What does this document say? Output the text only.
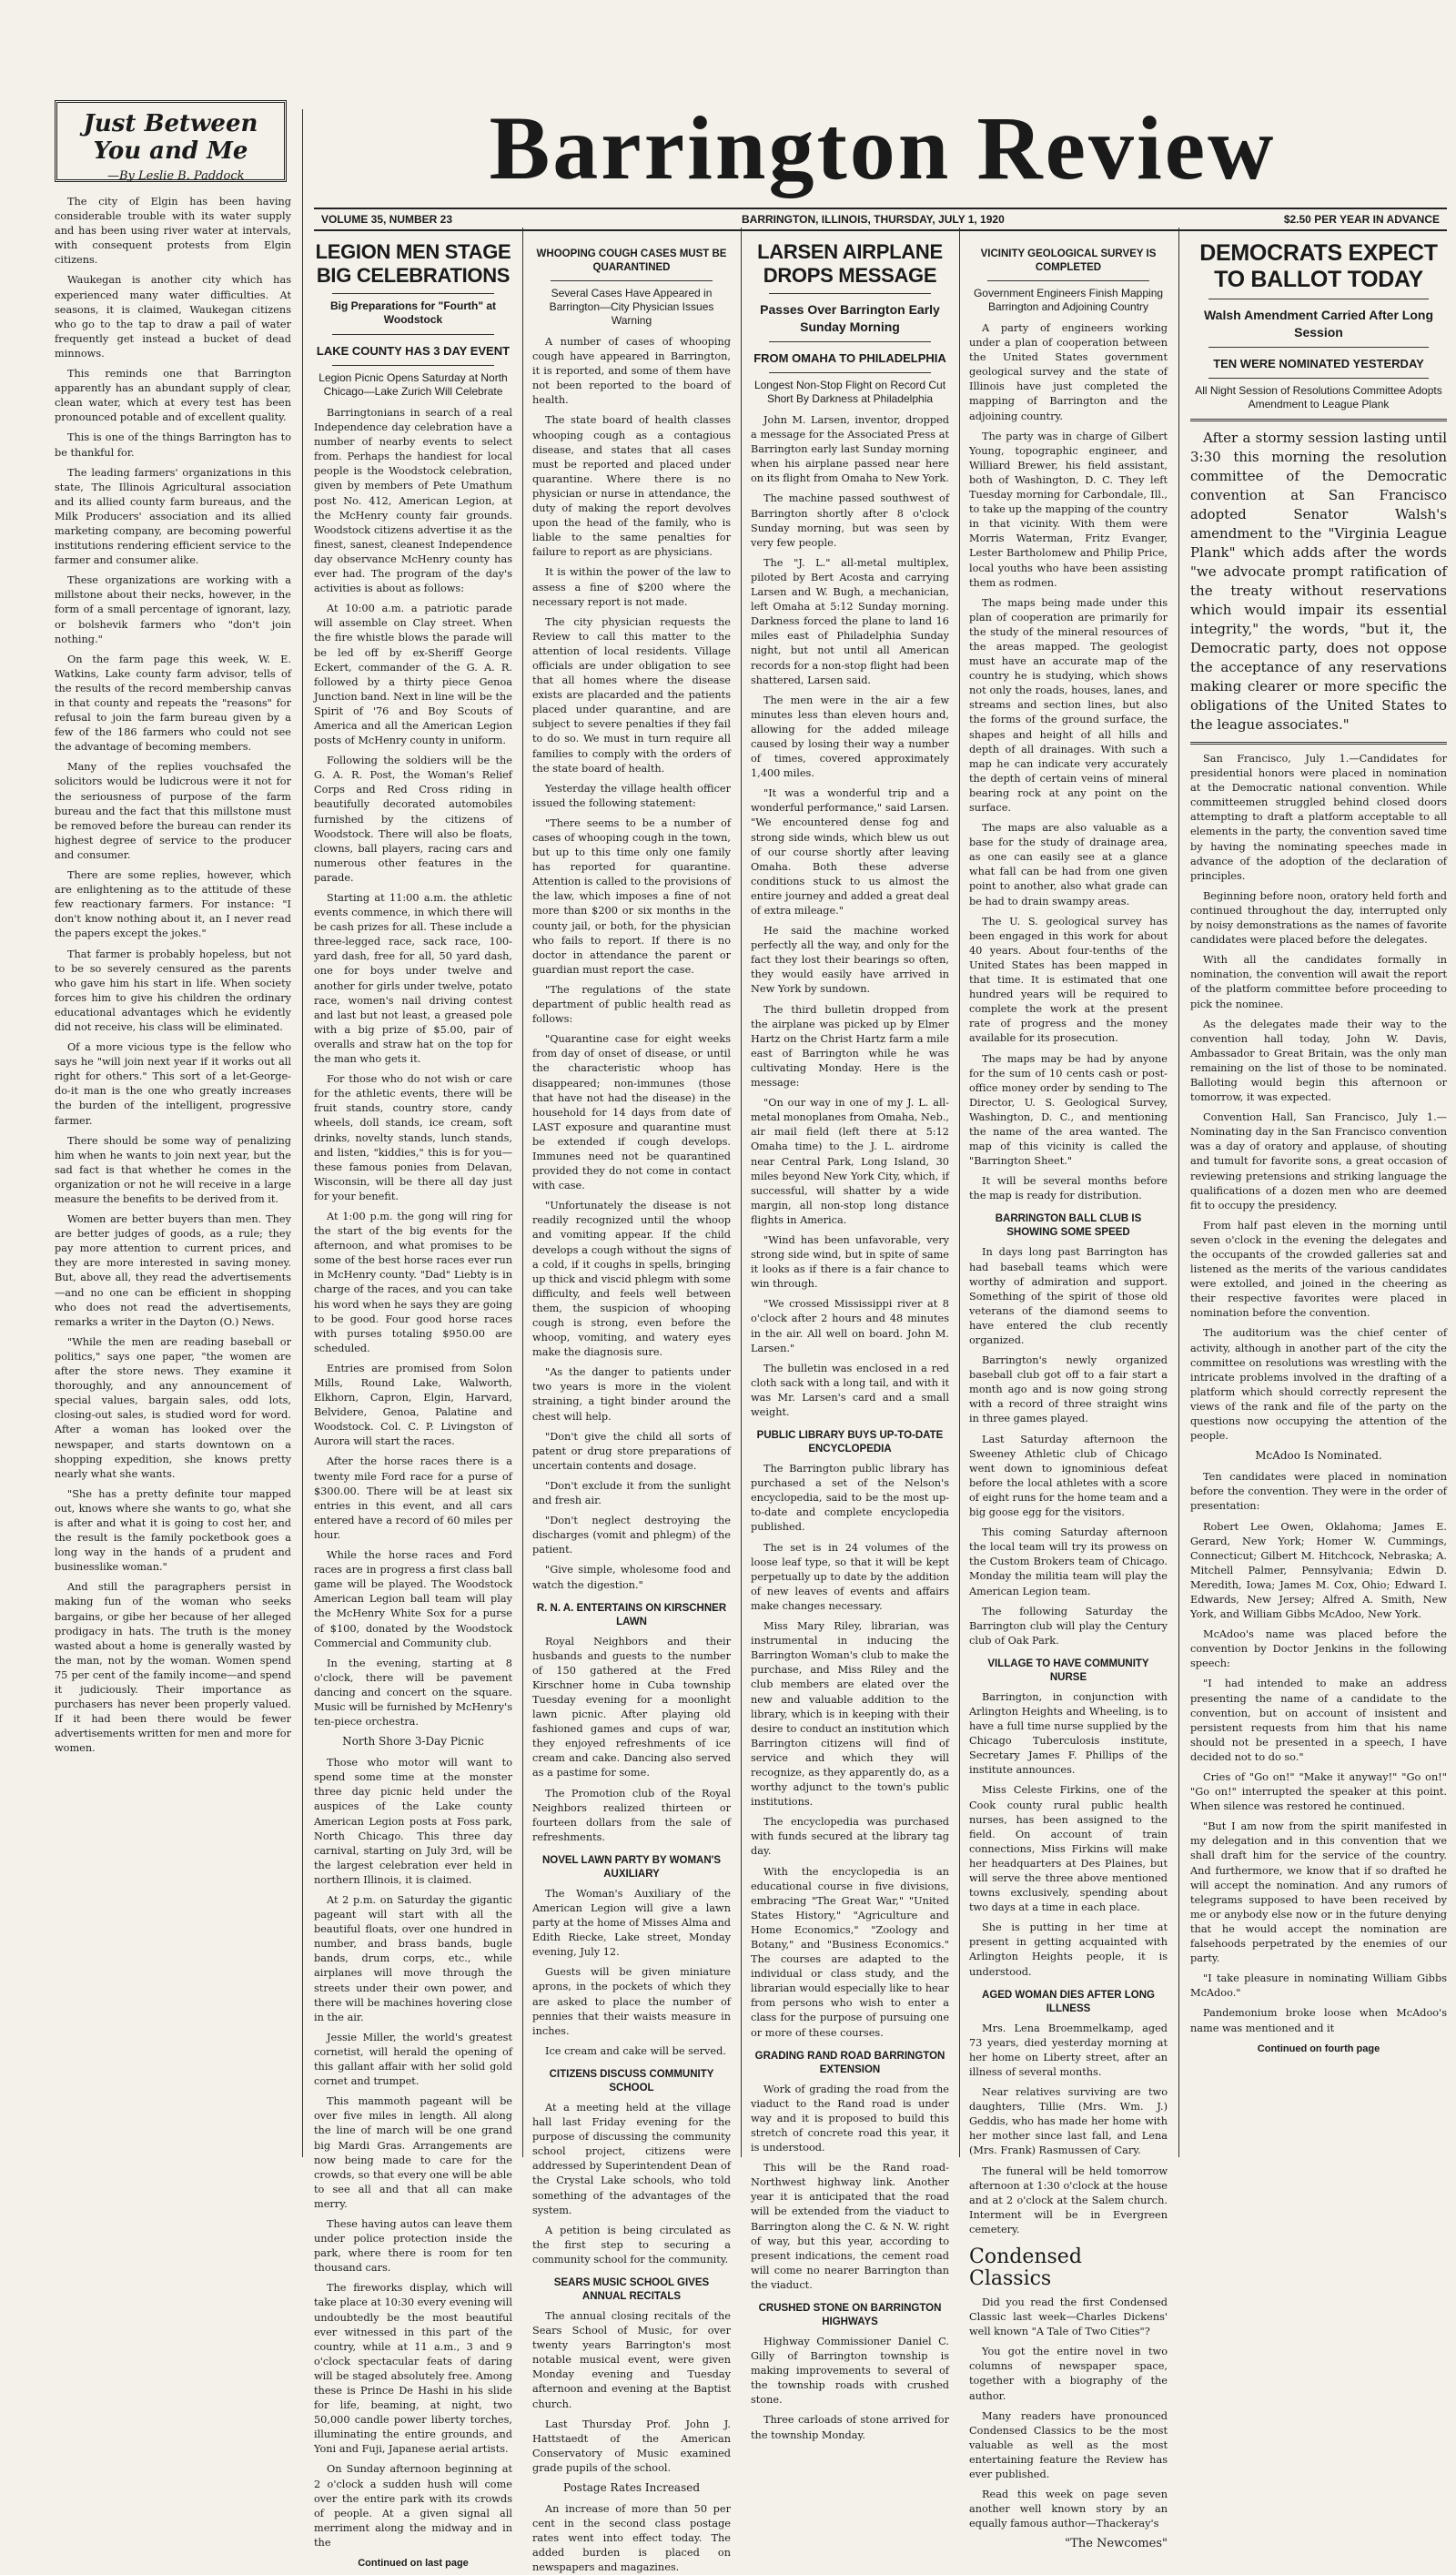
Just Between
You and Me
—By Leslie B. Paddock	Barrington Review
VOLUME 35, NUMBER 23	BARRINGTON, ILLINOIS, THURSDAY, JULY 1, 1920	$2.50 PER YEAR IN ADVANCE

The city of Elgin has been having considerable trouble with its water supply and has been using river water at intervals, with consequent protests from Elgin citizens.

Waukegan is another city which has experienced many water difficulties. At seasons, it is claimed, Waukegan citizens who go to the tap to draw a pail of water frequently get instead a bucket of dead minnows.

This reminds one that Barrington apparently has an abundant supply of clear, clean water, which at every test has been pronounced potable and of excellent quality.

This is one of the things Barrington has to be thankful for.

The leading farmers' organizations in this state, The Illinois Agricultural association and its allied county farm bureaus, and the Milk Producers' association and its allied marketing company, are becoming powerful institutions rendering efficient service to the farmer and consumer alike.

These organizations are working with a millstone about their necks, however, in the form of a small percentage of ignorant, lazy, or bolshevik farmers who "don't join nothing."

On the farm page this week, W. E. Watkins, Lake county farm advisor, tells of the results of the record membership canvas in that county and repeats the "reasons" for refusal to join the farm bureau given by a few of the 186 farmers who could not see the advantage of becoming members.

Many of the replies vouchsafed the solicitors would be ludicrous were it not for the seriousness of purpose of the farm bureau and the fact that this millstone must be removed before the bureau can render its highest degree of service to the producer and consumer.

There are some replies, however, which are enlightening as to the attitude of these few reactionary farmers. For instance: "I don't know nothing about it, an I never read the papers except the jokes."

That farmer is probably hopeless, but not to be so severely censured as the parents who gave him his start in life. When society forces him to give his children the ordinary educational advantages which he evidently did not receive, his class will be eliminated.

Of a more vicious type is the fellow who says he "will join next year if it works out all right for others." This sort of a let-George-do-it man is the one who greatly increases the burden of the intelligent, progressive farmer.

There should be some way of penalizing him when he wants to join next year, but the sad fact is that whether he comes in the organization or not he will receive in a large measure the benefits to be derived from it.

Women are better buyers than men. They are better judges of goods, as a rule; they pay more attention to current prices, and they are more interested in saving money. But, above all, they read the advertisements—and no one can be efficient in shopping who does not read the advertisements, remarks a writer in the Dayton (O.) News.

"While the men are reading baseball or politics," says one paper, "the women are after the store news. They examine it thoroughly, and any announcement of special values, bargain sales, odd lots, closing-out sales, is studied word for word. After a woman has looked over the newspaper, and starts downtown on a shopping expedition, she knows pretty nearly what she wants.

"She has a pretty definite tour mapped out, knows where she wants to go, what she is after and what it is going to cost her, and the result is the family pocketbook goes a long way in the hands of a prudent and businesslike woman."

And still the paragraphers persist in making fun of the woman who seeks bargains, or gibe her because of her alleged prodigacy in hats. The truth is the money wasted about a home is generally wasted by the man, not by the woman. Women spend 75 per cent of the family income—and spend it judiciously. Their importance as purchasers has never been properly valued. If it had been there would be fewer advertisements written for men and more for women.

LEGION MEN STAGE BIG CELEBRATIONS
Big Preparations for "Fourth" at Woodstock
LAKE COUNTY HAS 3 DAY EVENT
Legion Picnic Opens Saturday at North Chicago—Lake Zurich Will Celebrate

Barringtonians in search of a real Independence day celebration have a number of nearby events to select from. Perhaps the handiest for local people is the Woodstock celebration, given by members of Pete Umathum post No. 412, American Legion, at the McHenry county fair grounds. Woodstock citizens advertise it as the finest, sanest, cleanest Independence day observance McHenry county has ever had. The program of the day's activities is about as follows:

At 10:00 a.m. a patriotic parade will assemble on Clay street. When the fire whistle blows the parade will be led off by ex-Sheriff George Eckert, commander of the G. A. R. followed by a thirty piece Genoa Junction band. Next in line will be the Spirit of '76 and Boy Scouts of America and all the American Legion posts of McHenry county in uniform.

Following the soldiers will be the G. A. R. Post, the Woman's Relief Corps and Red Cross riding in beautifully decorated automobiles furnished by the citizens of Woodstock. There will also be floats, clowns, ball players, racing cars and numerous other features in the parade.

Starting at 11:00 a.m. the athletic events commence, in which there will be cash prizes for all. These include a three-legged race, sack race, 100-yard dash, free for all, 50 yard dash, one for boys under twelve and another for girls under twelve, potato race, women's nail driving contest and last but not least, a greased pole with a big prize of $5.00, pair of overalls and straw hat on the top for the man who gets it.

For those who do not wish or care for the athletic events, there will be fruit stands, country store, candy wheels, doll stands, ice cream, soft drinks, novelty stands, lunch stands, and listen, "kiddies," this is for you—these famous ponies from Delavan, Wisconsin, will be there all day just for your benefit.

At 1:00 p.m. the gong will ring for the start of the big events for the afternoon, and what promises to be some of the best horse races ever run in McHenry county. "Dad" Liebty is in charge of the races, and you can take his word when he says they are going to be good. Four good horse races with purses totaling $950.00 are scheduled.

Entries are promised from Solon Mills, Round Lake, Walworth, Elkhorn, Capron, Elgin, Harvard, Belvidere, Genoa, Palatine and Woodstock. Col. C. P. Livingston of Aurora will start the races.

After the horse races there is a twenty mile Ford race for a purse of $300.00. There will be at least six entries in this event, and all cars entered have a record of 60 miles per hour.

While the horse races and Ford races are in progress a first class ball game will be played. The Woodstock American Legion ball team will play the McHenry White Sox for a purse of $100, donated by the Woodstock Commercial and Community club.

In the evening, starting at 8 o'clock, there will be pavement dancing and concert on the square. Music will be furnished by McHenry's ten-piece orchestra.

North Shore 3-Day Picnic

Those who motor will want to spend some time at the monster three day picnic held under the auspices of the Lake county American Legion posts at Foss park, North Chicago. This three day carnival, starting on July 3rd, will be the largest celebration ever held in northern Illinois, it is claimed.

At 2 p.m. on Saturday the gigantic pageant will start with all the beautiful floats, over one hundred in number, and brass bands, bugle bands, drum corps, etc., while airplanes will move through the streets under their own power, and there will be machines hovering close in the air.

Jessie Miller, the world's greatest cornetist, will herald the opening of this gallant affair with her solid gold cornet and trumpet.

This mammoth pageant will be over five miles in length. All along the line of march will be one grand big Mardi Gras. Arrangements are now being made to care for the crowds, so that every one will be able to see all and that all can make merry.

These having autos can leave them under police protection inside the park, where there is room for ten thousand cars.

The fireworks display, which will take place at 10:30 every evening will undoubtedly be the most beautiful ever witnessed in this part of the country, while at 11 a.m., 3 and 9 o'clock spectacular feats of daring will be staged absolutely free. Among these is Prince De Hashi in his slide for life, beaming, at night, two 50,000 candle power liberty torches, illuminating the entire grounds, and Yoni and Fuji, Japanese aerial artists.

On Sunday afternoon beginning at 2 o'clock a sudden hush will come over the entire park with its crowds of people. At a given signal all merriment along the midway and in the

Continued on last page
WHOOPING COUGH CASES MUST BE QUARANTINED
Several Cases Have Appeared in Barrington—City Physician Issues Warning

A number of cases of whooping cough have appeared in Barrington, it is reported, and some of them have not been reported to the board of health.

The state board of health classes whooping cough as a contagious disease, and states that all cases must be reported and placed under quarantine. Where there is no physician or nurse in attendance, the duty of making the report devolves upon the head of the family, who is liable to the same penalties for failure to report as are physicians.

It is within the power of the law to assess a fine of $200 where the necessary report is not made.

The city physician requests the Review to call this matter to the attention of local residents. Village officials are under obligation to see that all homes where the disease exists are placarded and the patients placed under quarantine, and are subject to severe penalties if they fail to do so. We must in turn require all families to comply with the orders of the state board of health.

Yesterday the village health officer issued the following statement:

"There seems to be a number of cases of whooping cough in the town, but up to this time only one family has reported for quarantine. Attention is called to the provisions of the law, which imposes a fine of not more than $200 or six months in the county jail, or both, for the physician who fails to report. If there is no doctor in attendance the parent or guardian must report the case.

"The regulations of the state department of public health read as follows:

"Quarantine case for eight weeks from day of onset of disease, or until the characteristic whoop has disappeared; non-immunes (those that have not had the disease) in the household for 14 days from date of LAST exposure and quarantine must be extended if cough develops. Immunes need not be quarantined provided they do not come in contact with case.

"Unfortunately the disease is not readily recognized until the whoop and vomiting appear. If the child develops a cough without the signs of a cold, if it coughs in spells, bringing up thick and viscid phlegm with some difficulty, and feels well between them, the suspicion of whooping cough is strong, even before the whoop, vomiting, and watery eyes make the diagnosis sure.

"As the danger to patients under two years is more in the violent straining, a tight binder around the chest will help.

"Don't give the child all sorts of patent or drug store preparations of uncertain contents and dosage.

"Don't exclude it from the sunlight and fresh air.

"Don't neglect destroying the discharges (vomit and phlegm) of the patient.

"Give simple, wholesome food and watch the digestion."

R. N. A. ENTERTAINS ON KIRSCHNER LAWN

Royal Neighbors and their husbands and guests to the number of 150 gathered at the Fred Kirschner home in Cuba township Tuesday evening for a moonlight lawn picnic. After playing old fashioned games and cups of war, they enjoyed refreshments of ice cream and cake. Dancing also served as a pastime for some.

The Promotion club of the Royal Neighbors realized thirteen or fourteen dollars from the sale of refreshments.

NOVEL LAWN PARTY BY WOMAN'S AUXILIARY

The Woman's Auxiliary of the American Legion will give a lawn party at the home of Misses Alma and Edith Riecke, Lake street, Monday evening, July 12.

Guests will be given miniature aprons, in the pockets of which they are asked to place the number of pennies that their waists measure in inches.

Ice cream and cake will be served.

CITIZENS DISCUSS COMMUNITY SCHOOL

At a meeting held at the village hall last Friday evening for the purpose of discussing the community school project, citizens were addressed by Superintendent Dean of the Crystal Lake schools, who told something of the advantages of the system.

A petition is being circulated as the first step to securing a community school for the community.

SEARS MUSIC SCHOOL GIVES ANNUAL RECITALS

The annual closing recitals of the Sears School of Music, for over twenty years Barrington's most notable musical event, were given Monday evening and Tuesday afternoon and evening at the Baptist church.

Last Thursday Prof. John J. Hattstaedt of the American Conservatory of Music examined grade pupils of the school.

Postage Rates Increased

An increase of more than 50 per cent in the second class postage rates went into effect today. The added burden is placed on newspapers and magazines.

LARSEN AIRPLANE DROPS MESSAGE
Passes Over Barrington Early Sunday Morning
FROM OMAHA TO PHILADELPHIA
Longest Non-Stop Flight on Record Cut Short By Darkness at Philadelphia

John M. Larsen, inventor, dropped a message for the Associated Press at Barrington early last Sunday morning when his airplane passed near here on its flight from Omaha to New York.

The machine passed southwest of Barrington shortly after 8 o'clock Sunday morning, but was seen by very few people.

The "J. L." all-metal multiplex, piloted by Bert Acosta and carrying Larsen and W. Bugh, a mechanician, left Omaha at 5:12 Sunday morning. Darkness forced the plane to land 16 miles east of Philadelphia Sunday night, but not until all American records for a non-stop flight had been shattered, Larsen said.

The men were in the air a few minutes less than eleven hours and, allowing for the added mileage caused by losing their way a number of times, covered approximately 1,400 miles.

"It was a wonderful trip and a wonderful performance," said Larsen. "We encountered dense fog and strong side winds, which blew us out of our course shortly after leaving Omaha. Both these adverse conditions stuck to us almost the entire journey and added a great deal of extra mileage."

He said the machine worked perfectly all the way, and only for the fact they lost their bearings so often, they would easily have arrived in New York by sundown.

The third bulletin dropped from the airplane was picked up by Elmer Hartz on the Christ Hartz farm a mile east of Barrington while he was cultivating Monday. Here is the message:

"On our way in one of my J. L. all-metal monoplanes from Omaha, Neb., air mail field (left there at 5:12 Omaha time) to the J. L. airdrome near Central Park, Long Island, 30 miles beyond New York City, which, if successful, will shatter by a wide margin, all non-stop long distance flights in America.

"Wind has been unfavorable, very strong side wind, but in spite of same it looks as if there is a fair chance to win through.

"We crossed Mississippi river at 8 o'clock after 2 hours and 48 minutes in the air. All well on board. John M. Larsen."

The bulletin was enclosed in a red cloth sack with a long tail, and with it was Mr. Larsen's card and a small weight.

PUBLIC LIBRARY BUYS UP-TO-DATE ENCYCLOPEDIA

The Barrington public library has purchased a set of the Nelson's encyclopedia, said to be the most up-to-date and complete encyclopedia published.

The set is in 24 volumes of the loose leaf type, so that it will be kept perpetually up to date by the addition of new leaves of events and affairs make changes necessary.

Miss Mary Riley, librarian, was instrumental in inducing the Barrington Woman's club to make the purchase, and Miss Riley and the club members are elated over the new and valuable addition to the library, which is in keeping with their desire to conduct an institution which Barrington citizens will find of service and which they will recognize, as they apparently do, as a worthy adjunct to the town's public institutions.

The encyclopedia was purchased with funds secured at the library tag day.

With the encyclopedia is an educational course in five divisions, embracing "The Great War," "United States History," "Agriculture and Home Economics," "Zoology and Botany," and "Business Economics." The courses are adapted to the individual or class study, and the librarian would especially like to hear from persons who wish to enter a class for the purpose of pursuing one or more of these courses.

GRADING RAND ROAD BARRINGTON EXTENSION

Work of grading the road from the viaduct to the Rand road is under way and it is proposed to build this stretch of concrete road this year, it is understood.

This will be the Rand road-Northwest highway link. Another year it is anticipated that the road will be extended from the viaduct to Barrington along the C. & N. W. right of way, but this year, according to present indications, the cement road will come no nearer Barrington than the viaduct.

CRUSHED STONE ON BARRINGTON HIGHWAYS

Highway Commissioner Daniel C. Gilly of Barrington township is making improvements to several of the township roads with crushed stone.

Three carloads of stone arrived for the township Monday.

VICINITY GEOLOGICAL SURVEY IS COMPLETED
Government Engineers Finish Mapping Barrington and Adjoining Country

A party of engineers working under a plan of cooperation between the United States government geological survey and the state of Illinois have just completed the mapping of Barrington and the adjoining country.

The party was in charge of Gilbert Young, topographic engineer, and Williard Brewer, his field assistant, both of Washington, D. C. They left Tuesday morning for Carbondale, Ill., to take up the mapping of the country in that vicinity. With them were Morris Waterman, Fritz Evanger, Lester Bartholomew and Philip Price, local youths who have been assisting them as rodmen.

The maps being made under this plan of cooperation are primarily for the study of the mineral resources of the areas mapped. The geologist must have an accurate map of the country he is studying, which shows not only the roads, houses, lanes, and streams and section lines, but also the forms of the ground surface, the shapes and height of all hills and depth of all drainages. With such a map he can indicate very accurately the depth of certain veins of mineral bearing rock at any point on the surface.

The maps are also valuable as a base for the study of drainage area, as one can easily see at a glance what fall can be had from one given point to another, also what grade can be had to drain swampy areas.

The U. S. geological survey has been engaged in this work for about 40 years. About four-tenths of the United States has been mapped in that time. It is estimated that one hundred years will be required to complete the work at the present rate of progress and the money available for its prosecution.

The maps may be had by anyone for the sum of 10 cents cash or post-office money order by sending to The Director, U. S. Geological Survey, Washington, D. C., and mentioning the name of the area wanted. The map of this vicinity is called the "Barrington Sheet."

It will be several months before the map is ready for distribution.

BARRINGTON BALL CLUB IS SHOWING SOME SPEED

In days long past Barrington has had baseball teams which were worthy of admiration and support. Something of the spirit of those old veterans of the diamond seems to have entered the club recently organized.

Barrington's newly organized baseball club got off to a fair start a month ago and is now going strong with a record of three straight wins in three games played.

Last Saturday afternoon the Sweeney Athletic club of Chicago went down to ignominious defeat before the local athletes with a score of eight runs for the home team and a big goose egg for the visitors.

This coming Saturday afternoon the local team will try its prowess on the Custom Brokers team of Chicago. Monday the militia team will play the American Legion team.

The following Saturday the Barrington club will play the Century club of Oak Park.

VILLAGE TO HAVE COMMUNITY NURSE

Barrington, in conjunction with Arlington Heights and Wheeling, is to have a full time nurse supplied by the Chicago Tuberculosis institute, Secretary James F. Phillips of the institute announces.

Miss Celeste Firkins, one of the Cook county rural public health nurses, has been assigned to the field. On account of train connections, Miss Firkins will make her headquarters at Des Plaines, but will serve the three above mentioned towns exclusively, spending about two days at a time in each place.

She is putting in her time at present in getting acquainted with Arlington Heights people, it is understood.

AGED WOMAN DIES AFTER LONG ILLNESS

Mrs. Lena Broemmelkamp, aged 73 years, died yesterday morning at her home on Liberty street, after an illness of several months.

Near relatives surviving are two daughters, Tillie (Mrs. Wm. J.) Geddis, who has made her home with her mother since last fall, and Lena (Mrs. Frank) Rasmussen of Cary.

The funeral will be held tomorrow afternoon at 1:30 o'clock at the house and at 2 o'clock at the Salem church. Interment will be in Evergreen cemetery.

Condensed Classics

Did you read the first Condensed Classic last week—Charles Dickens' well known "A Tale of Two Cities"?

You got the entire novel in two columns of newspaper space, together with a biography of the author.

Many readers have pronounced Condensed Classics to be the most valuable as well as the most entertaining feature the Review has ever published.

Read this week on page seven another well known story by an equally famous author—Thackeray's

"The Newcomes"
DEMOCRATS EXPECT TO BALLOT TODAY
Walsh Amendment Carried After Long Session
TEN WERE NOMINATED YESTERDAY
All Night Session of Resolutions Committee Adopts Amendment to League Plank

After a stormy session lasting until 3:30 this morning the resolution committee of the Democratic convention at San Francisco adopted Senator Walsh's amendment to the "Virginia League Plank" which adds after the words "we advocate prompt ratification of the treaty without reservations which would impair its essential integrity," the words, "but it, the Democratic party, does not oppose the acceptance of any reservations making clearer or more specific the obligations of the United States to the league associates."

San Francisco, July 1.—Candidates for presidential honors were placed in nomination at the Democratic national convention. While committeemen struggled behind closed doors attempting to draft a platform acceptable to all elements in the party, the convention saved time by having the nominating speeches made in advance of the adoption of the declaration of principles.

Beginning before noon, oratory held forth and continued throughout the day, interrupted only by noisy demonstrations as the names of favorite candidates were placed before the delegates.

With all the candidates formally in nomination, the convention will await the report of the platform committee before proceeding to pick the nominee.

As the delegates made their way to the convention hall today, John W. Davis, Ambassador to Great Britain, was the only man remaining on the list of those to be nominated. Balloting would begin this afternoon or tomorrow, it was expected.

Convention Hall, San Francisco, July 1.—Nominating day in the San Francisco convention was a day of oratory and applause, of shouting and tumult for favorite sons, a great occasion of reviewing pretensions and striking language the qualifications of a dozen men who are deemed fit to occupy the presidency.

From half past eleven in the morning until seven o'clock in the evening the delegates and the occupants of the crowded galleries sat and listened as the merits of the various candidates were extolled, and joined in the cheering as their respective favorites were placed in nomination before the convention.

The auditorium was the chief center of activity, although in another part of the city the committee on resolutions was wrestling with the intricate problems involved in the drafting of a platform which should correctly represent the views of the rank and file of the party on the questions now occupying the attention of the people.

McAdoo Is Nominated.

Ten candidates were placed in nomination before the convention. They were in the order of presentation:

Robert Lee Owen, Oklahoma; James E. Gerard, New York; Homer W. Cummings, Connecticut; Gilbert M. Hitchcock, Nebraska; A. Mitchell Palmer, Pennsylvania; Edwin D. Meredith, Iowa; James M. Cox, Ohio; Edward I. Edwards, New Jersey; Alfred A. Smith, New York, and William Gibbs McAdoo, New York.

McAdoo's name was placed before the convention by Doctor Jenkins in the following speech:

"I had intended to make an address presenting the name of a candidate to the convention, but on account of insistent and persistent requests from him that his name should not be presented in a speech, I have decided not to do so."

Cries of "Go on!" "Make it anyway!" "Go on!" "Go on!" interrupted the speaker at this point. When silence was restored he continued.

"But I am now from the spirit manifested in my delegation and in this convention that we shall draft him for the service of the country. And furthermore, we know that if so drafted he will accept the nomination. And any rumors of telegrams supposed to have been received by me or anybody else now or in the future denying that he would accept the nomination are falsehoods perpetrated by the enemies of our party.

"I take pleasure in nominating William Gibbs McAdoo."

Pandemonium broke loose when McAdoo's name was mentioned and it

Continued on fourth page
